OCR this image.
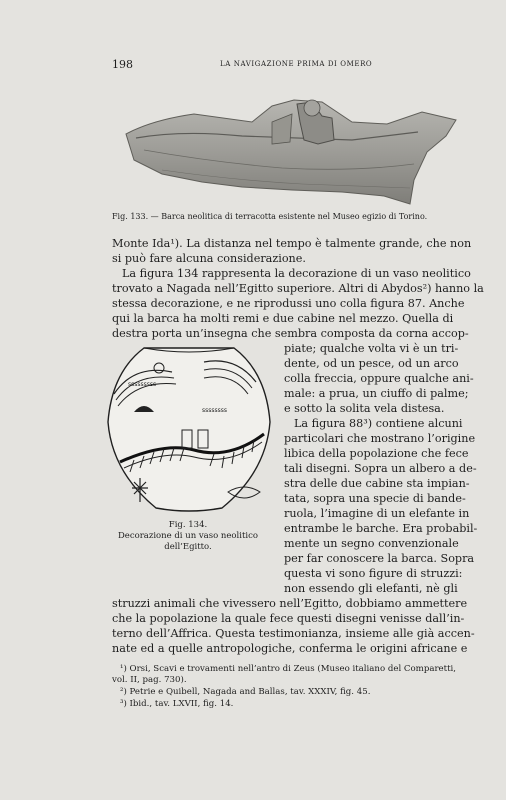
198	LA NAVIGAZIONE PRIMA DI OMERO
Fig. 133. — Barca neolitica di terracotta esistente nel Museo egizio di Torino.
Monte Ida¹). La distanza nel tempo è talmente grande, che non
si può fare alcuna considerazione.
La figura 134 rappresenta la decorazione di un vaso neolitico
trovato a Nagada nell’Egitto superiore. Altri di Abydos²) hanno la
stessa decorazione, e ne riprodussi uno colla figura 87. Anche
qui la barca ha molti remi e due cabine nel mezzo. Quella di
destra porta un’insegna che sembra composta da corna accop-
ssssssss
sssssssss
Fig. 134.
Decorazione di un vaso neolitico
dell’Egitto.
piate; qualche volta vi è un tri-
dente, od un pesce, od un arco
colla freccia, oppure qualche ani-
male: a prua, un ciuffo di palme;
e sotto la solita vela distesa.
La figura 88³) contiene alcuni
particolari che mostrano l’origine
libica della popolazione che fece
tali disegni. Sopra un albero a de-
stra delle due cabine sta impian-
tata, sopra una specie di bande-
ruola, l’imagine di un elefante in
entrambe le barche. Era probabil-
mente un segno convenzionale
per far conoscere la barca. Sopra
questa vi sono figure di struzzi:
non essendo gli elefanti, nè gli
struzzi animali che vivessero nell’Egitto, dobbiamo ammettere
che la popolazione la quale fece questi disegni venisse dall’in-
terno dell’Affrica. Questa testimonianza, insieme alle già accen-
nate ed a quelle antropologiche, conferma le origini africane e
¹) Orsi, Scavi e trovamenti nell’antro di Zeus (Museo italiano del Comparetti,
vol. II, pag. 730).
²) Petrie e Quibell, Nagada and Ballas, tav. XXXIV, fig. 45.
³) Ibid., tav. LXVII, fig. 14.
